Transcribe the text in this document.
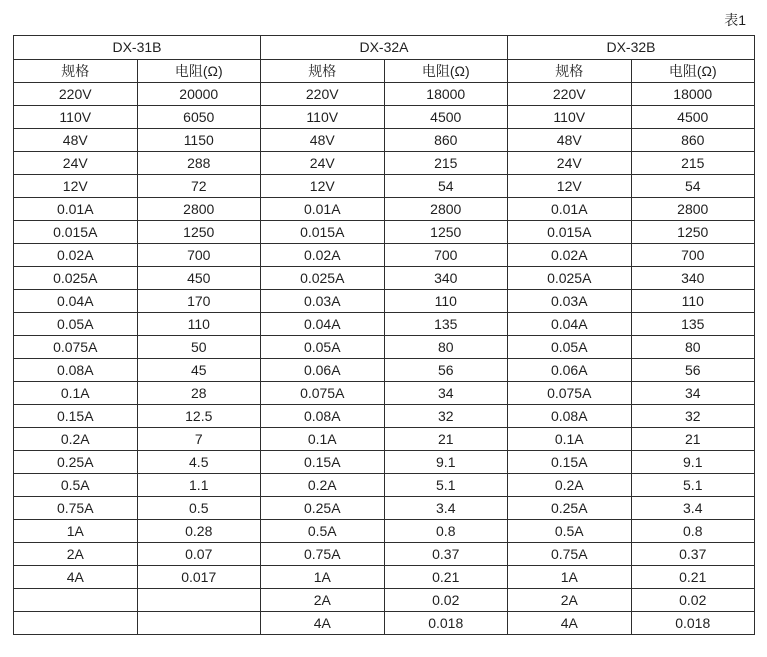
表1
DX-31B		DX-32A		DX-32B	
规格	电阻(Ω)	规格	电阻(Ω)	规格	电阻(Ω)
220V	20000	220V	18000	220V	18000
110V	6050	110V	4500	110V	4500
48V	1150	48V	860	48V	860
24V	288	24V	215	24V	215
12V	72	12V	54	12V	54
0.01A	2800	0.01A	2800	0.01A	2800
0.015A	1250	0.015A	1250	0.015A	1250
0.02A	700	0.02A	700	0.02A	700
0.025A	450	0.025A	340	0.025A	340
0.04A	170	0.03A	110	0.03A	110
0.05A	110	0.04A	135	0.04A	135
0.075A	50	0.05A	80	0.05A	80
0.08A	45	0.06A	56	0.06A	56
0.1A	28	0.075A	34	0.075A	34
0.15A	12.5	0.08A	32	0.08A	32
0.2A	7	0.1A	21	0.1A	21
0.25A	4.5	0.15A	9.1	0.15A	9.1
0.5A	1.1	0.2A	5.1	0.2A	5.1
0.75A	0.5	0.25A	3.4	0.25A	3.4
1A	0.28	0.5A	0.8	0.5A	0.8
2A	0.07	0.75A	0.37	0.75A	0.37
4A	0.017	1A	0.21	1A	0.21
		2A	0.02	2A	0.02
		4A	0.018	4A	0.018
